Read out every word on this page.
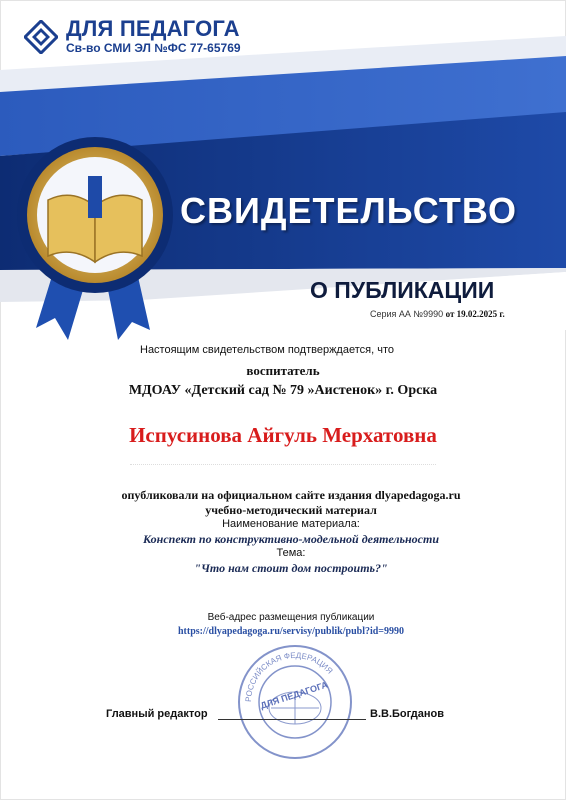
ДЛЯ ПЕДАГОГА
Св-во СМИ ЭЛ №ФС 77-65769
СВИДЕТЕЛЬСТВО
О ПУБЛИКАЦИИ
Серия АА №9990 от 19.02.2025 г.
Настоящим свидетельством подтверждается, что
воспитатель
МДОАУ «Детский сад № 79 »Аистенок» г. Орска
Испусинова Айгуль Мерхатовна
опубликовали на официальном сайте издания dlyapedagoga.ru
учебно-методический материал
Наименование материала:
Конспект по конструктивно-модельной деятельности
Тема:
"Что нам стоит дом построить?"
Веб-адрес размещения публикации
https://dlyapedagoga.ru/servisy/publik/publ?id=9990
РОССИЙСКАЯ ФЕДЕРАЦИЯ
ДЛЯ ПЕДАГОГА
Главный редактор	В.В.Богданов
